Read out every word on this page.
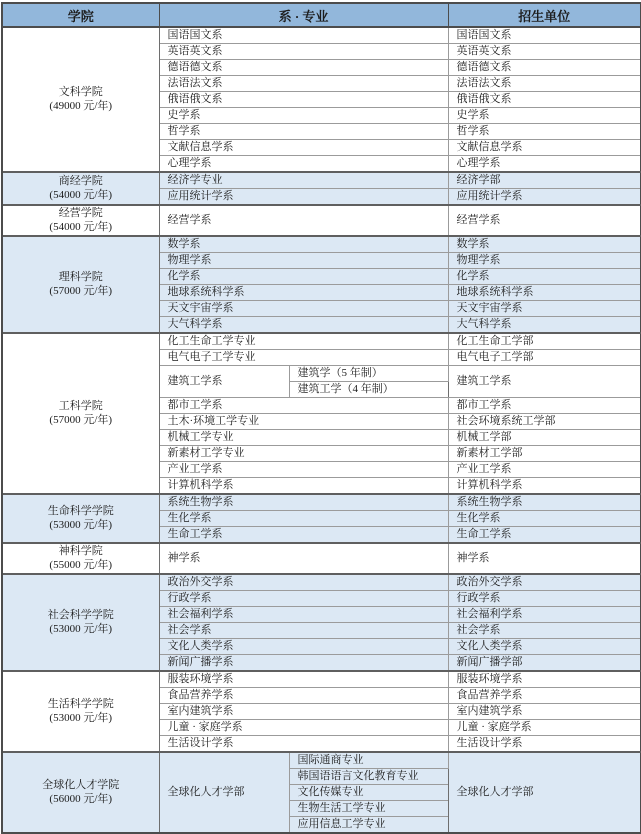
学院	系 · 专业		招生单位

文科学院
(49000 元/年)	国语国文系		国语国文系
	英语英文系		英语英文系
	德语德文系		德语德文系
	法语法文系		法语法文系
	俄语俄文系		俄语俄文系
	史学系		史学系
	哲学系		哲学系
	文献信息学系		文献信息学系
	心理学系		心理学系

商经学院
(54000 元/年)	经济学专业		经济学部
	应用统计学系		应用统计学系

经营学院
(54000 元/年)	经营学系		经营学系

理科学院
(57000 元/年)	数学系		数学系
	物理学系		物理学系
	化学系		化学系
	地球系统科学系		地球系统科学系
	天文宇宙学系		天文宇宙学系
	大气科学系		大气科学系

工科学院
(57000 元/年)	化工生命工学专业		化工生命工学部
	电气电子工学专业		电气电子工学部
	建筑工学系	建筑学（5 年制）	建筑工学系
		建筑工学（4 年制）	
	都市工学系		都市工学系
	土木·环境工学专业		社会环境系统工学部
	机械工学专业		机械工学部
	新素材工学专业		新素材工学部
	产业工学系		产业工学系
	计算机科学系		计算机科学系

生命科学学院
(53000 元/年)	系统生物学系		系统生物学系
	生化学系		生化学系
	生命工学系		生命工学系

神科学院
(55000 元/年)	神学系		神学系

社会科学学院
(53000 元/年)	政治外交学系		政治外交学系
	行政学系		行政学系
	社会福利学系		社会福利学系
	社会学系		社会学系
	文化人类学系		文化人类学系
	新闻广播学系		新闻广播学部

生活科学学院
(53000 元/年)	服装环境学系		服装环境学系
	食品营养学系		食品营养学系
	室内建筑学系		室内建筑学系
	儿童 · 家庭学系		儿童 · 家庭学系
	生活设计学系		生活设计学系

全球化人才学院
(56000 元/年)	全球化人才学部	国际通商专业	全球化人才学部
		韩国语语言文化教育专业	
		文化传媒专业	
		生物生活工学专业	
		应用信息工学专业	
